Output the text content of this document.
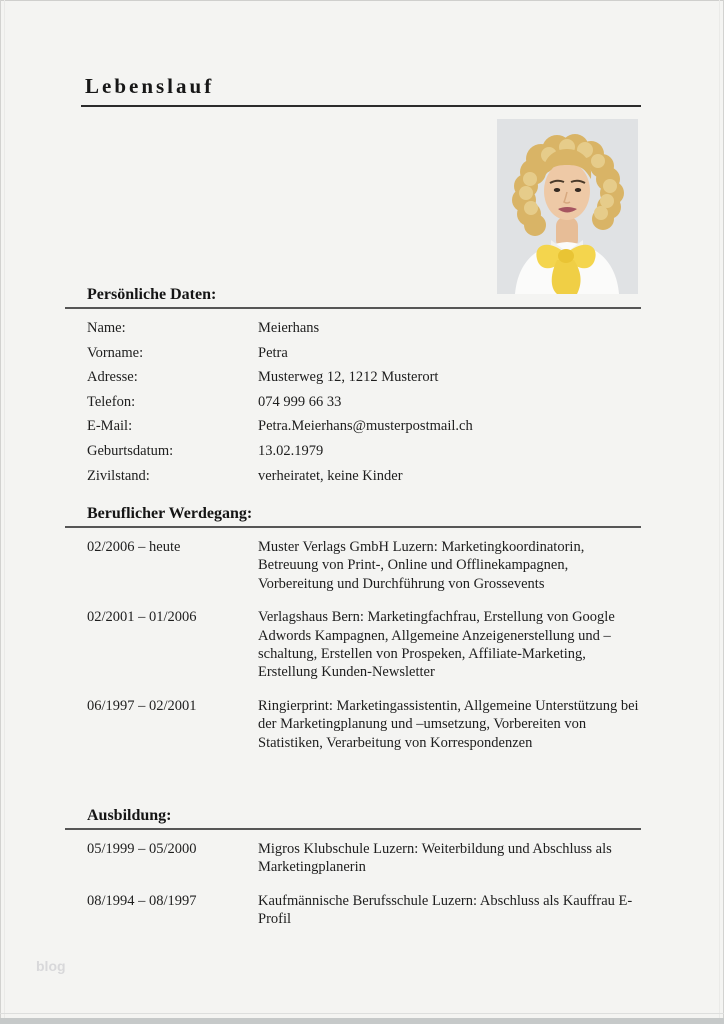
Lebenslauf
Persönliche Daten:
Name:	Meierhans
Vorname:	Petra
Adresse:	Musterweg 12, 1212 Musterort
Telefon:	074 999 66 33
E-Mail:	Petra.Meierhans@musterpostmail.ch
Geburtsdatum:	13.02.1979
Zivilstand:	verheiratet, keine Kinder
Beruflicher Werdegang:
02/2006 – heute	Muster Verlags GmbH Luzern: Marketingkoordinatorin, Betreuung von Print-, Online und Offlinekampagnen, Vorbereitung und Durchführung von Grossevents
02/2001 – 01/2006	Verlagshaus Bern: Marketingfachfrau, Erstellung von Google Adwords Kampagnen, Allgemeine Anzeigenerstellung und –schaltung, Erstellen von Prospeken, Affiliate-Marketing, Erstellung Kunden-Newsletter
06/1997 – 02/2001	Ringierprint: Marketingassistentin, Allgemeine Unterstützung bei der Marketingplanung und –umsetzung, Vorbereiten von Statistiken, Verarbeitung von Korrespondenzen
Ausbildung:
05/1999 – 05/2000	Migros Klubschule Luzern: Weiterbildung und Abschluss als Marketingplanerin
08/1994 – 08/1997	Kaufmännische Berufsschule Luzern: Abschluss als Kauffrau E-Profil
blog
